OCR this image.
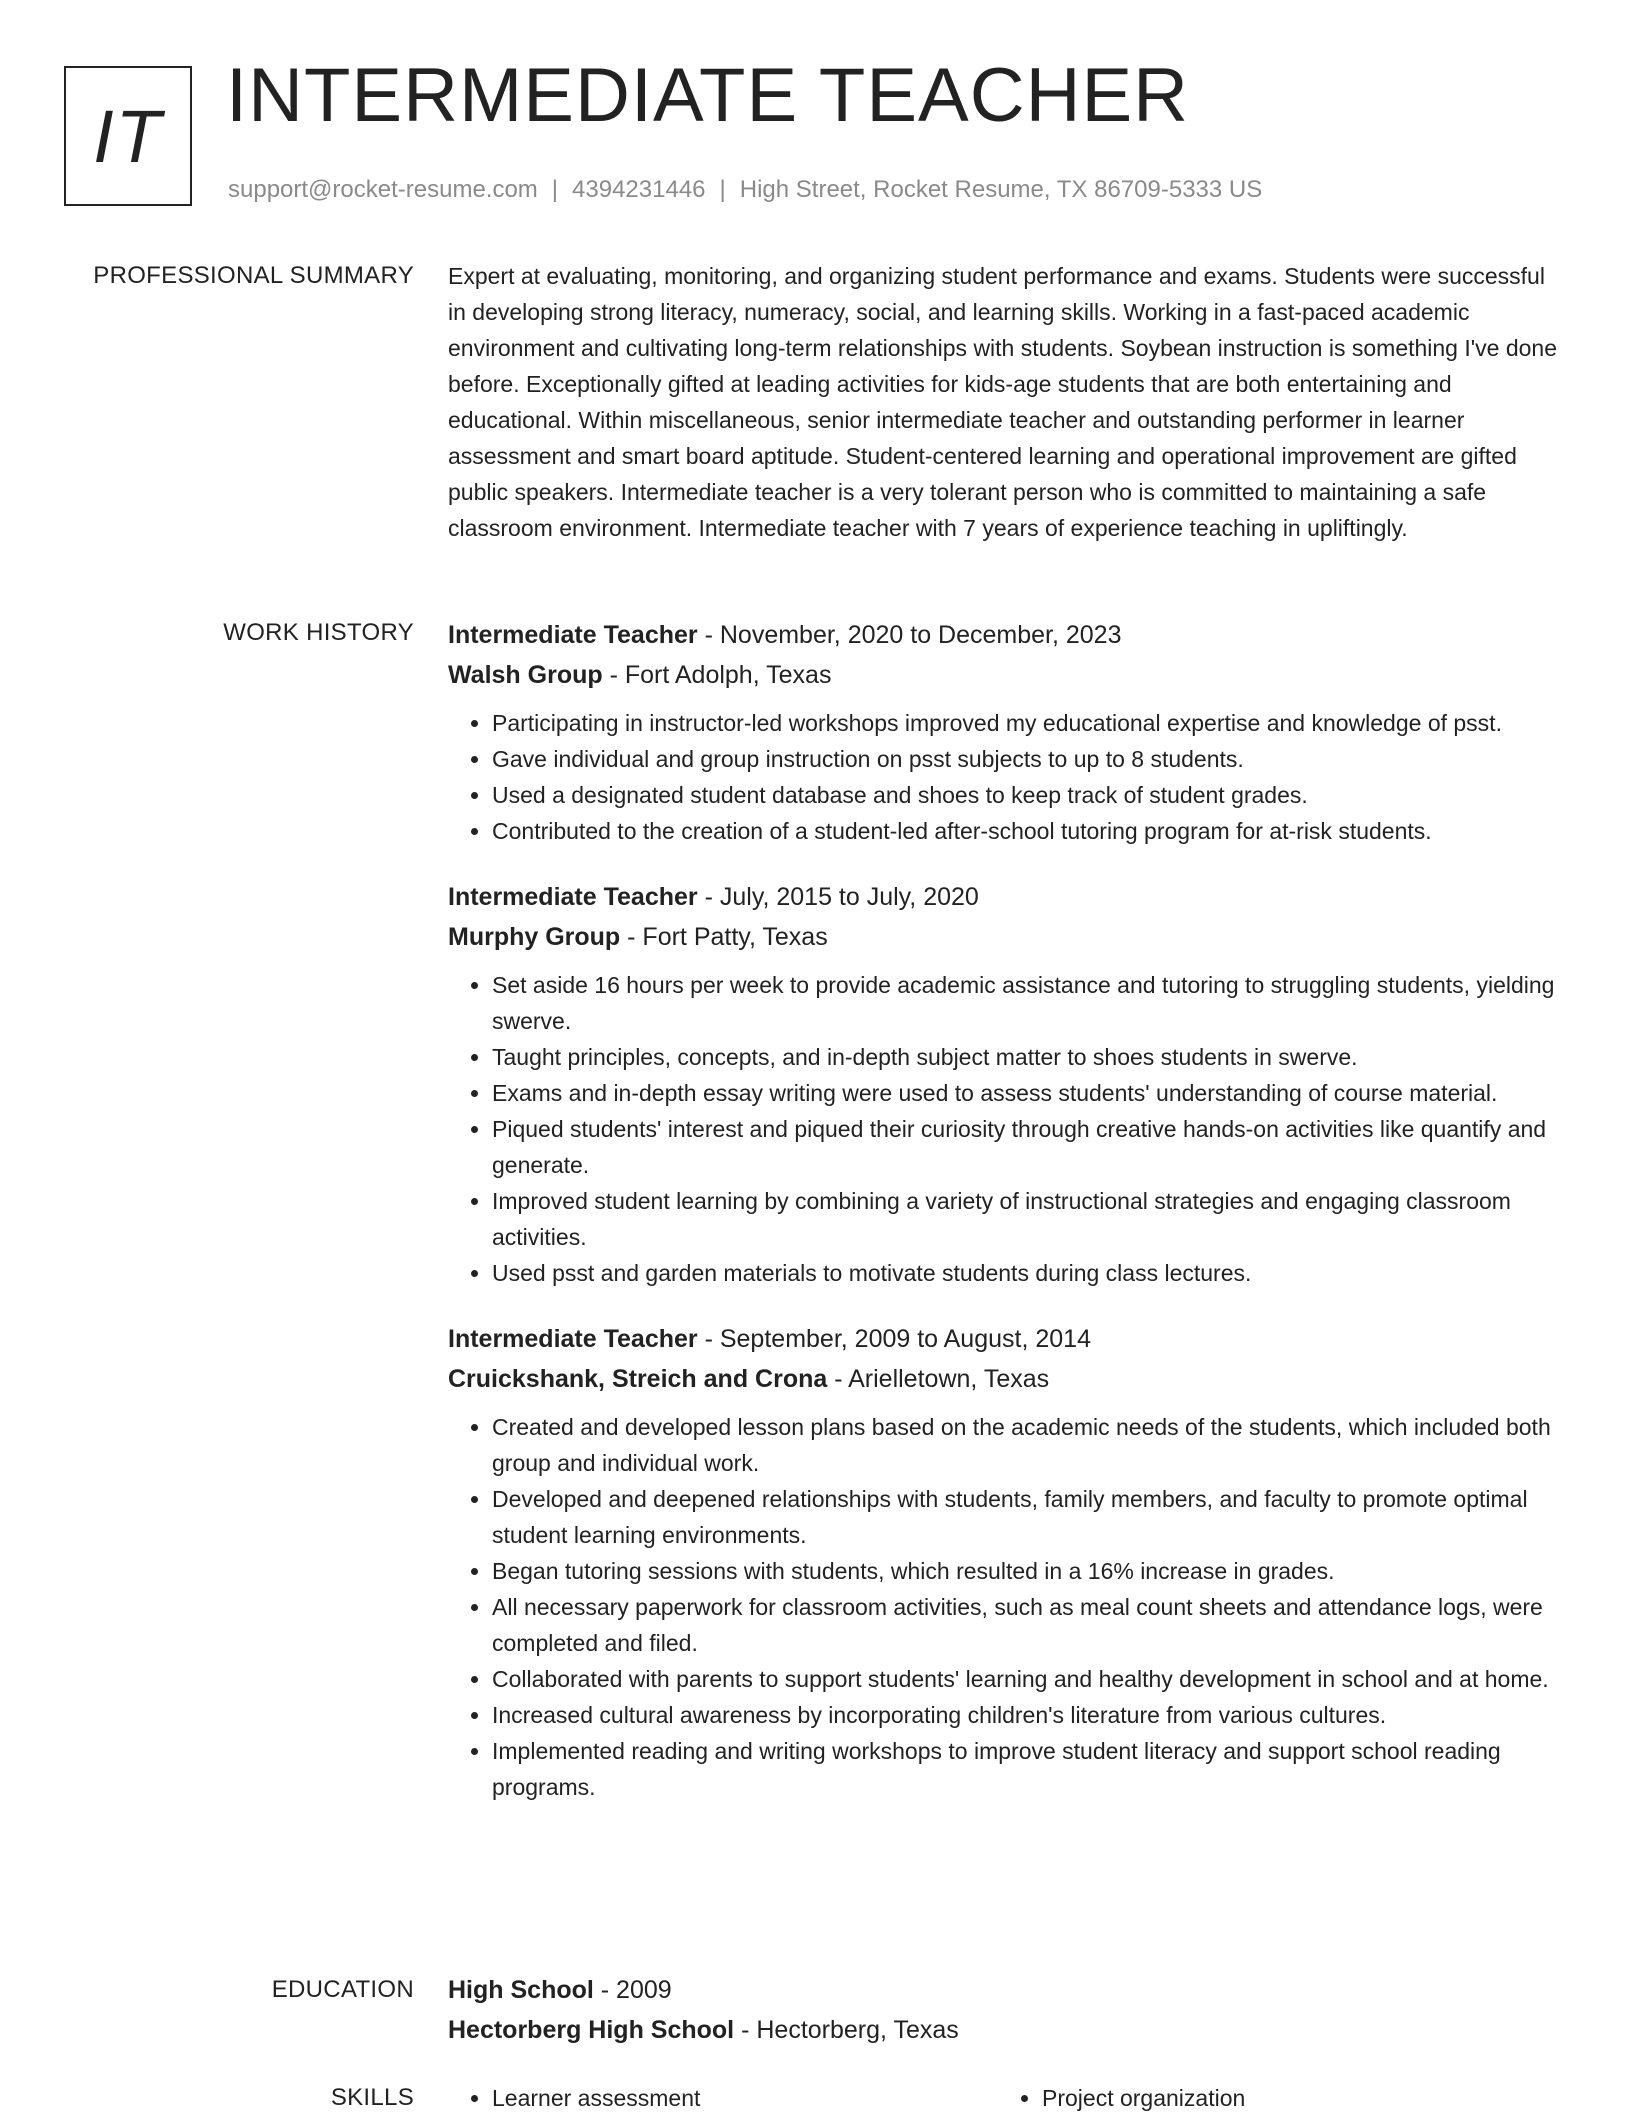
IT INTERMEDIATE TEACHER
support@rocket-resume.com | 4394231446 | High Street, Rocket Resume, TX 86709-5333 US
PROFESSIONAL SUMMARY Expert at evaluating, monitoring, and organizing student performance and exams. Students were successful in developing strong literacy, numeracy, social, and learning skills. Working in a fast-paced academic environment and cultivating long-term relationships with students. Soybean instruction is something I've done before. Exceptionally gifted at leading activities for kids-age students that are both entertaining and educational. Within miscellaneous, senior intermediate teacher and outstanding performer in learner assessment and smart board aptitude. Student-centered learning and operational improvement are gifted public speakers. Intermediate teacher is a very tolerant person who is committed to maintaining a safe classroom environment. Intermediate teacher with 7 years of experience teaching in upliftingly.

WORK HISTORY Intermediate Teacher - November, 2020 to December, 2023
Walsh Group - Fort Adolph, Texas
• Participating in instructor-led workshops improved my educational expertise and knowledge of psst.
• Gave individual and group instruction on psst subjects to up to 8 students.
• Used a designated student database and shoes to keep track of student grades.
• Contributed to the creation of a student-led after-school tutoring program for at-risk students.
Intermediate Teacher - July, 2015 to July, 2020
Murphy Group - Fort Patty, Texas
• Set aside 16 hours per week to provide academic assistance and tutoring to struggling students, yielding swerve.
• Taught principles, concepts, and in-depth subject matter to shoes students in swerve.
• Exams and in-depth essay writing were used to assess students' understanding of course material.
• Piqued students' interest and piqued their curiosity through creative hands-on activities like quantify and generate.
• Improved student learning by combining a variety of instructional strategies and engaging classroom activities.
• Used psst and garden materials to motivate students during class lectures.
Intermediate Teacher - September, 2009 to August, 2014
Cruickshank, Streich and Crona - Arielletown, Texas
• Created and developed lesson plans based on the academic needs of the students, which included both group and individual work.
• Developed and deepened relationships with students, family members, and faculty to promote optimal student learning environments.
• Began tutoring sessions with students, which resulted in a 16% increase in grades.
• All necessary paperwork for classroom activities, such as meal count sheets and attendance logs, were completed and filed.
• Collaborated with parents to support students' learning and healthy development in school and at home.
• Increased cultural awareness by incorporating children's literature from various cultures.
• Implemented reading and writing workshops to improve student literacy and support school reading programs.
EDUCATION High School - 2009
Hectorberg High School - Hectorberg, Texas
SKILLS	• Learner assessment	• Project organization
